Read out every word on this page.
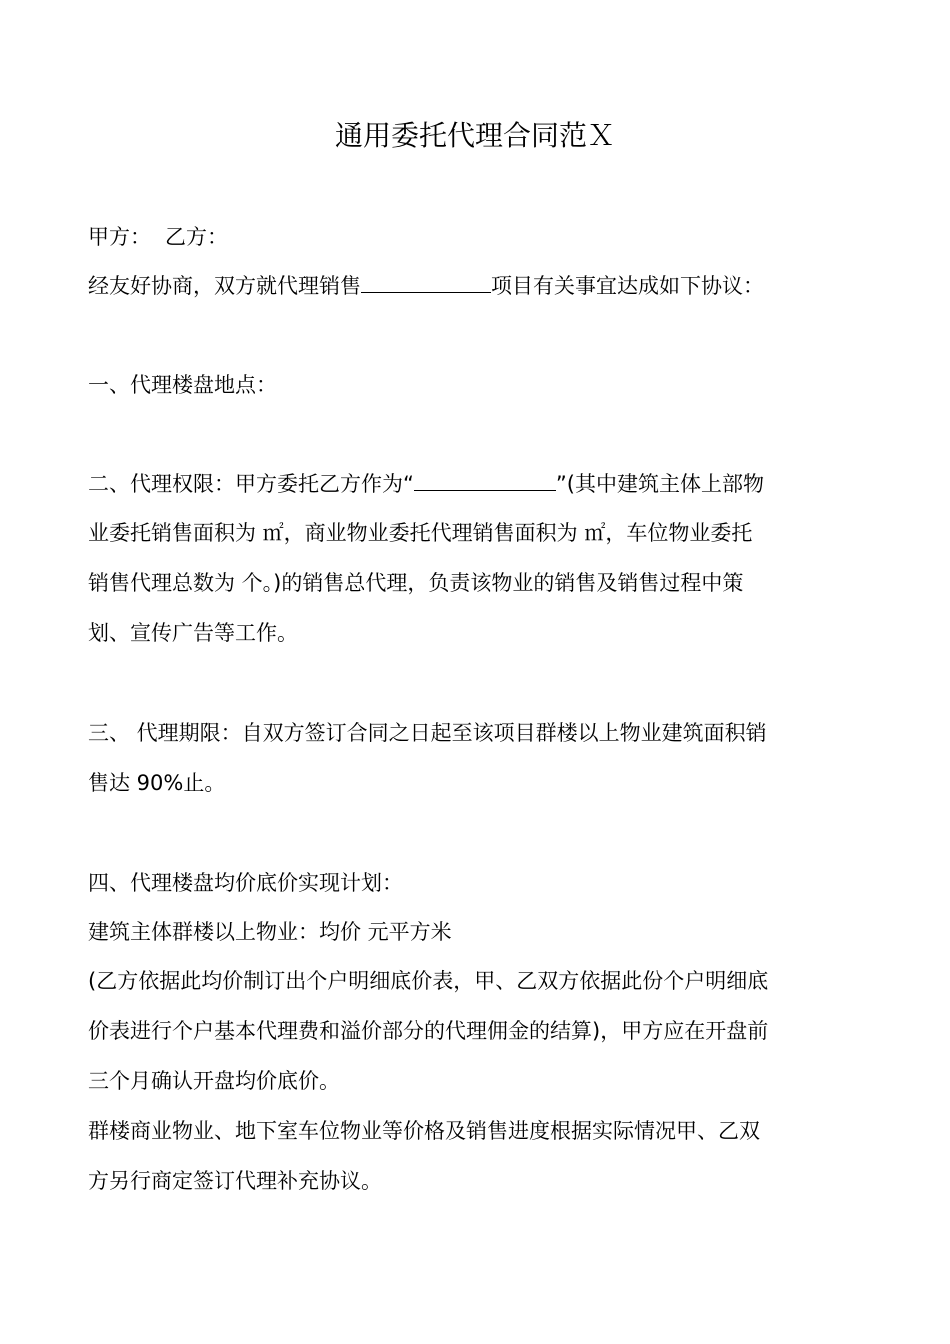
通用委托代理合同范Ｘ
甲方： 乙方：
经友好协商，双方就代理销售	项目有关事宜达成如下协议：
一、代理楼盘地点：
二、代理权限：甲方委托乙方作为“	”(其中建筑主体上部物
业委托销售面积为 ㎡，商业物业委托代理销售面积为 ㎡，车位物业委托
销售代理总数为 个。)的销售总代理，负责该物业的销售及销售过程中策
划、宣传广告等工作。
三、 代理期限：自双方签订合同之日起至该项目群楼以上物业建筑面积销
售达 90%止。
四、代理楼盘均价底价实现计划：
建筑主体群楼以上物业：均价 元平方米
(乙方依据此均价制订出个户明细底价表，甲、乙双方依据此份个户明细底
价表进行个户基本代理费和溢价部分的代理佣金的结算)，甲方应在开盘前
三个月确认开盘均价底价。
群楼商业物业、地下室车位物业等价格及销售进度根据实际情况甲、乙双
方另行商定签订代理补充协议。
